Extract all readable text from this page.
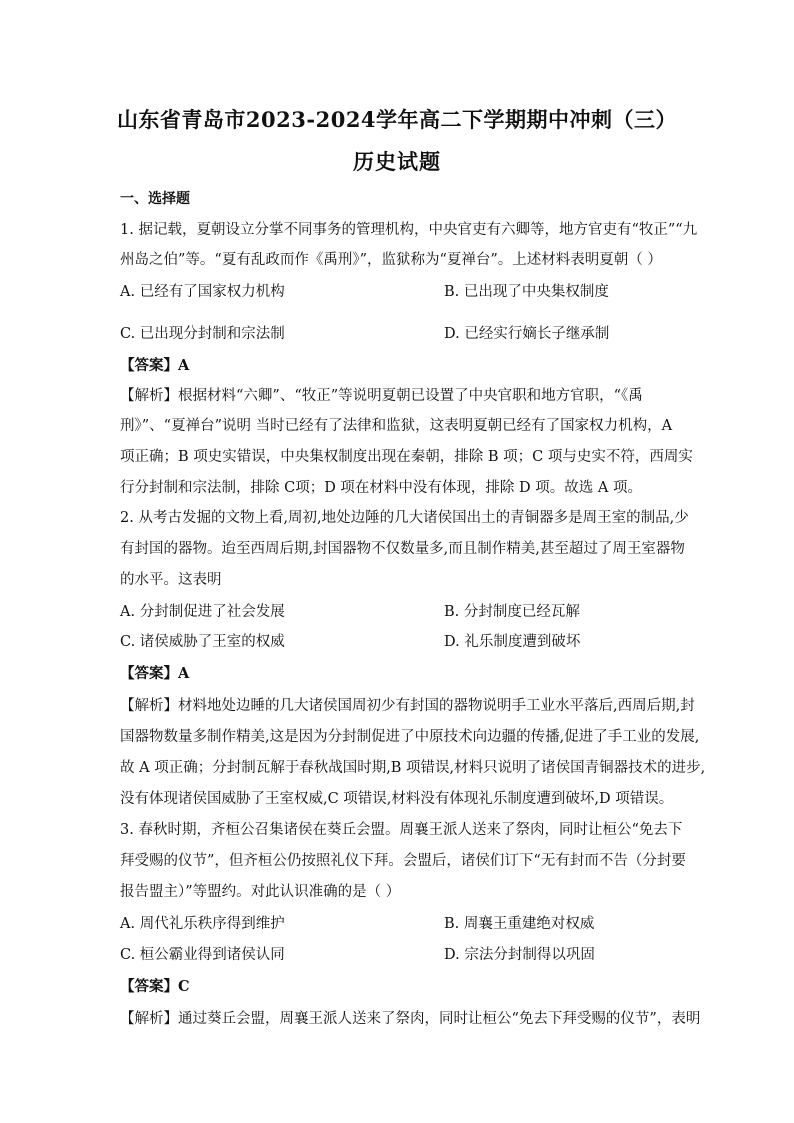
山东省青岛市2023-2024学年高二下学期期中冲刺（三）
历史试题
一、选择题
1. 据记载，夏朝设立分掌不同事务的管理机构，中央官吏有六卿等，地方官吏有“牧正”“九
州岛之伯”等。“夏有乱政而作《禹刑》”，监狱称为“夏禅台”。上述材料表明夏朝（ ）
A. 已经有了国家权力机构	B. 已出现了中央集权制度
C. 已出现分封制和宗法制	D. 已经实行嫡长子继承制
【答案】A
【解析】根据材料“六卿”、“牧正”等说明夏朝已设置了中央官职和地方官职，“《禹
刑》”、“夏禅台”说明 当时已经有了法律和监狱，这表明夏朝已经有了国家权力机构，A
项正确；B 项史实错误，中央集权制度出现在秦朝，排除 B 项；C 项与史实不符，西周实
行分封制和宗法制，排除 C项；D 项在材料中没有体现，排除 D 项。故选 A 项。
2. 从考古发掘的文物上看,周初,地处边陲的几大诸侯国出土的青铜器多是周王室的制品,少
有封国的器物。迨至西周后期,封国器物不仅数量多,而且制作精美,甚至超过了周王室器物
的水平。这表明
A. 分封制促进了社会发展	B. 分封制度已经瓦解
C. 诸侯威胁了王室的权威	D. 礼乐制度遭到破坏
【答案】A
【解析】材料地处边睡的几大诸侯国周初少有封国的器物说明手工业水平落后,西周后期,封
国器物数量多制作精美,这是因为分封制促进了中原技术向边疆的传播,促进了手工业的发展,
故 A 项正确；分封制瓦解于春秋战国时期,B 项错误,材料只说明了诸侯国青铜器技术的进步,
没有体现诸侯国威胁了王室权威,C 项错误,材料没有体现礼乐制度遭到破坏,D 项错误。
3. 春秋时期，齐桓公召集诸侯在葵丘会盟。周襄王派人送来了祭肉，同时让桓公“免去下
拜受赐的仪节”，但齐桓公仍按照礼仪下拜。会盟后，诸侯们订下“无有封而不告（分封要
报告盟主）”等盟约。对此认识准确的是（ ）
A. 周代礼乐秩序得到维护	B. 周襄王重建绝对权威
C. 桓公霸业得到诸侯认同	D. 宗法分封制得以巩固
【答案】C
【解析】通过葵丘会盟，周襄王派人送来了祭肉，同时让桓公“免去下拜受赐的仪节”，表明
